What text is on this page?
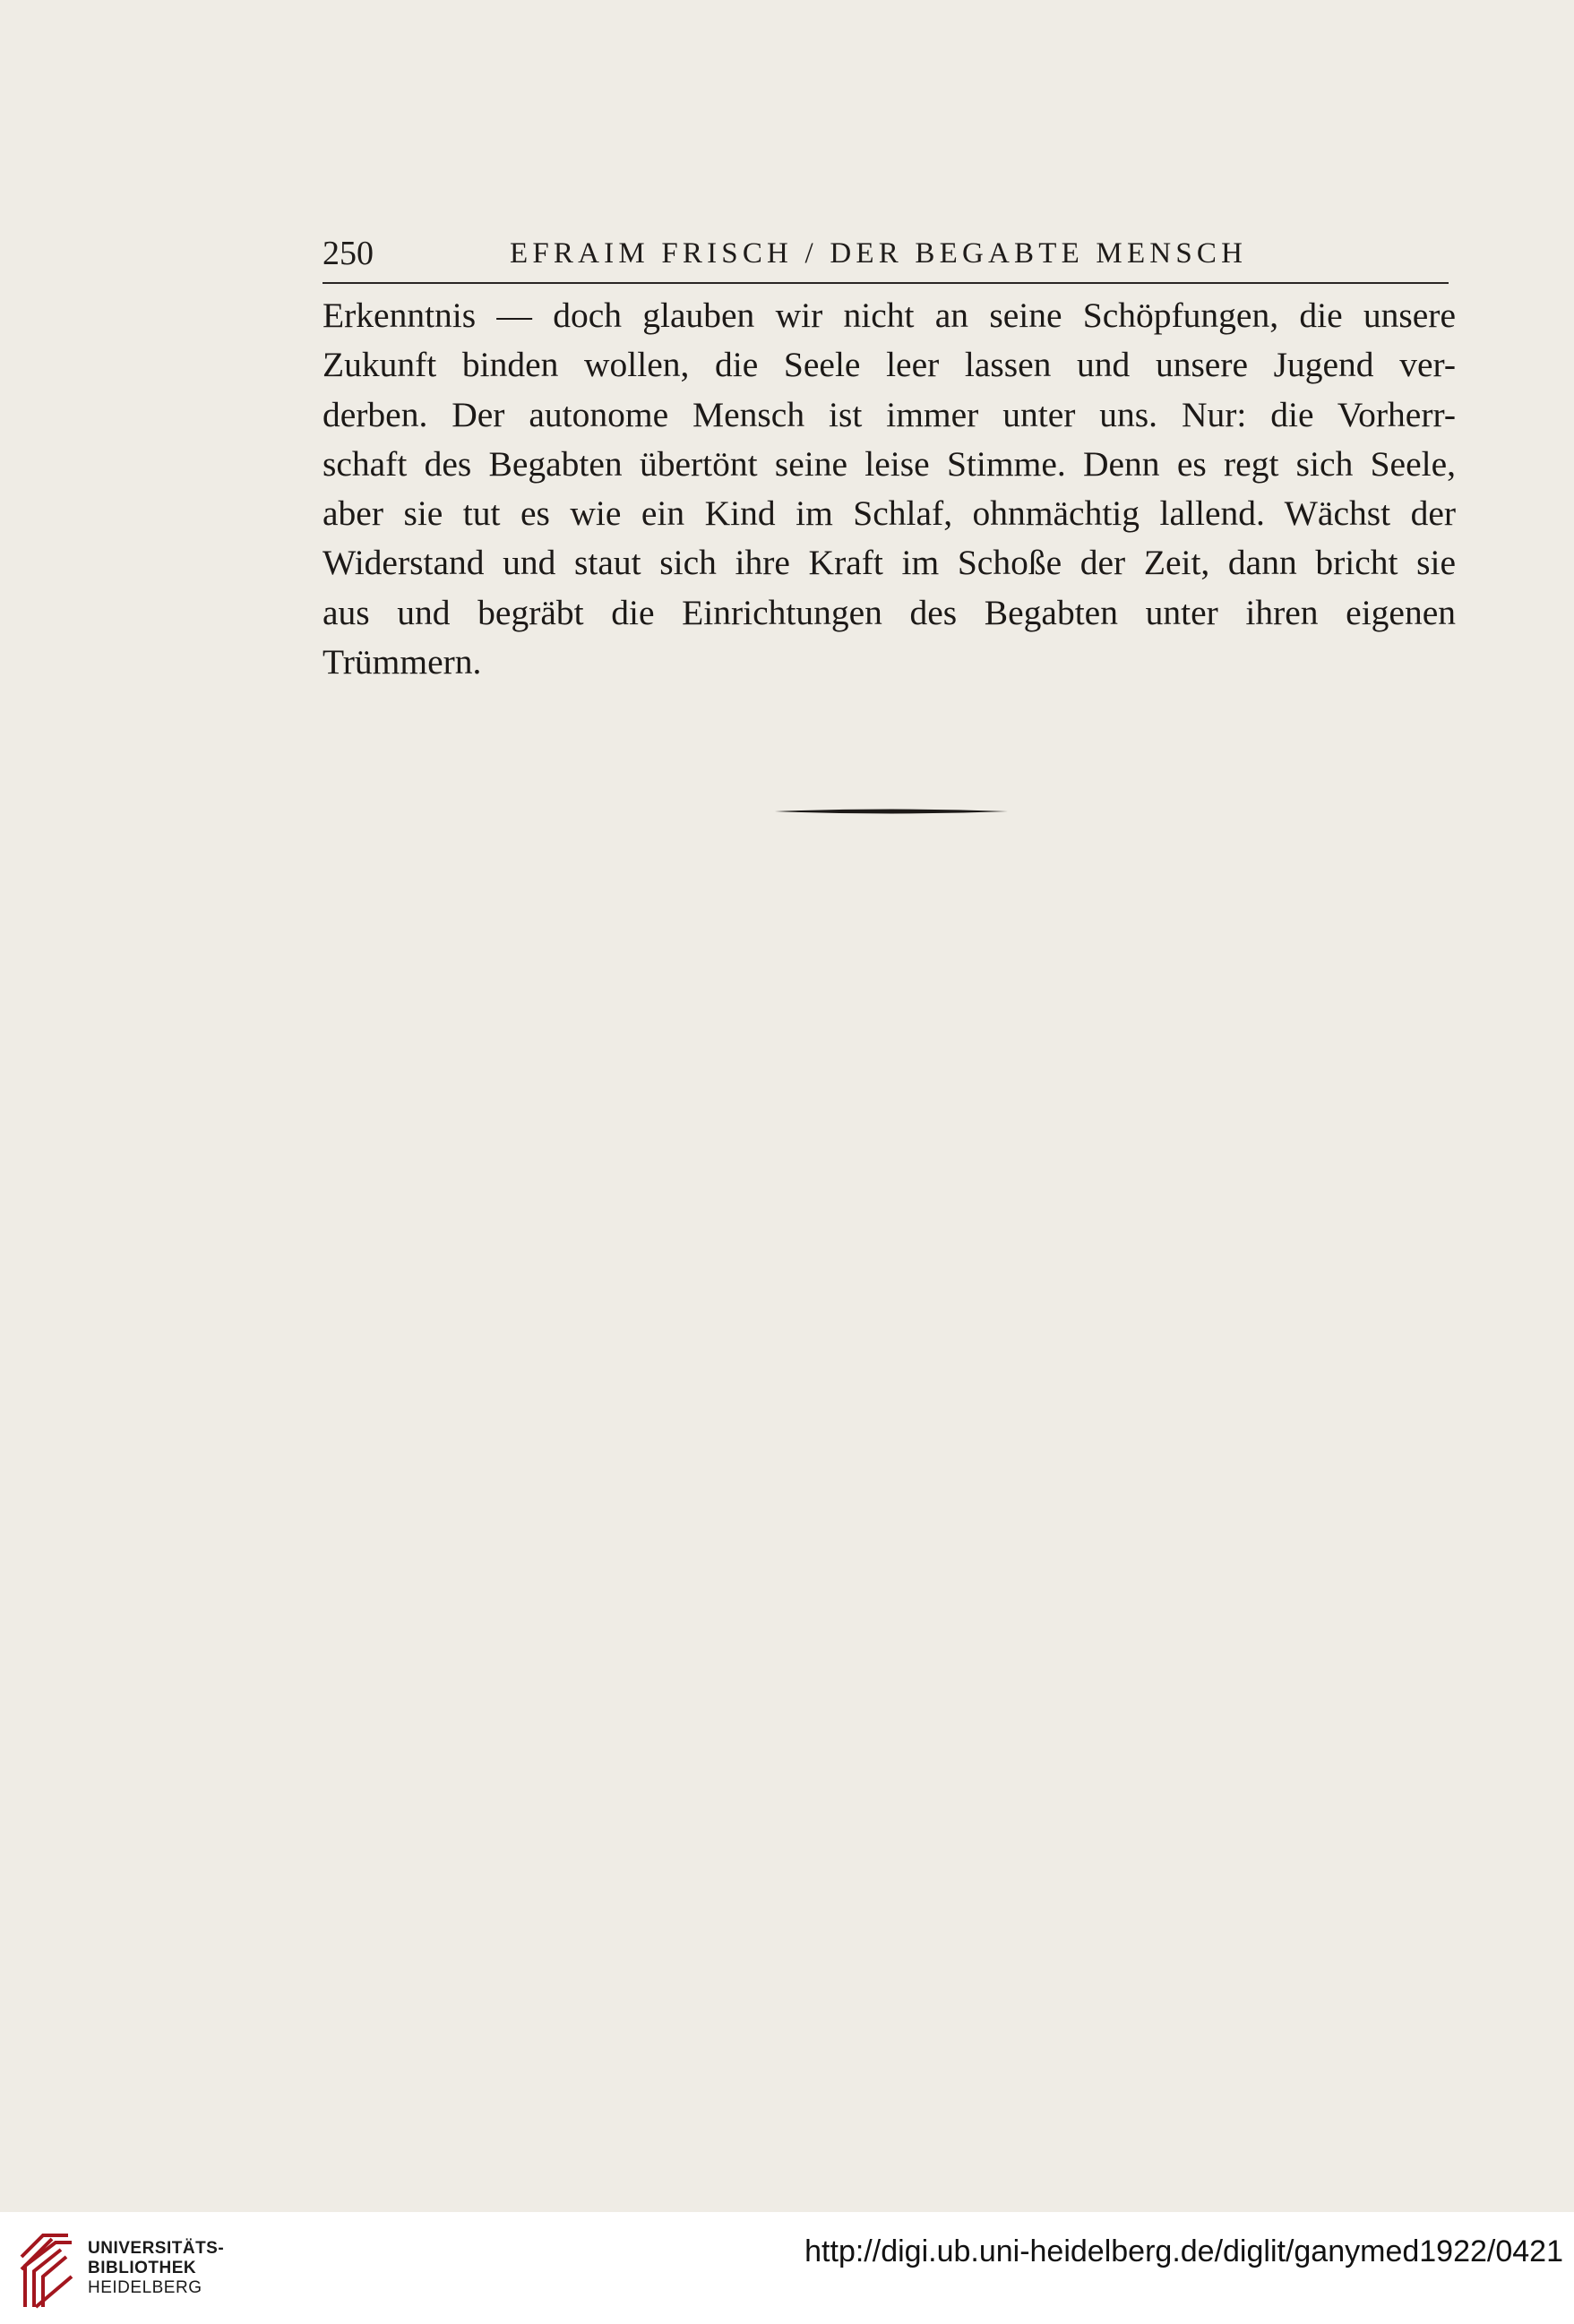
250	EFRAIM FRISCH / DER BEGABTE MENSCH
Erkenntnis — doch glauben wir nicht an seine Schöpfungen, die unsere
Zukunft binden wollen, die Seele leer lassen und unsere Jugend ver-
derben. Der autonome Mensch ist immer unter uns. Nur: die Vorherr-
schaft des Begabten übertönt seine leise Stimme. Denn es regt sich Seele,
aber sie tut es wie ein Kind im Schlaf, ohnmächtig lallend. Wächst der
Widerstand und staut sich ihre Kraft im Schoße der Zeit, dann bricht sie
aus und begräbt die Einrichtungen des Begabten unter ihren eigenen
Trümmern.
UNIVERSITÄTS-
BIBLIOTHEK
HEIDELBERG
http://digi.ub.uni-heidelberg.de/diglit/ganymed1922/0421
